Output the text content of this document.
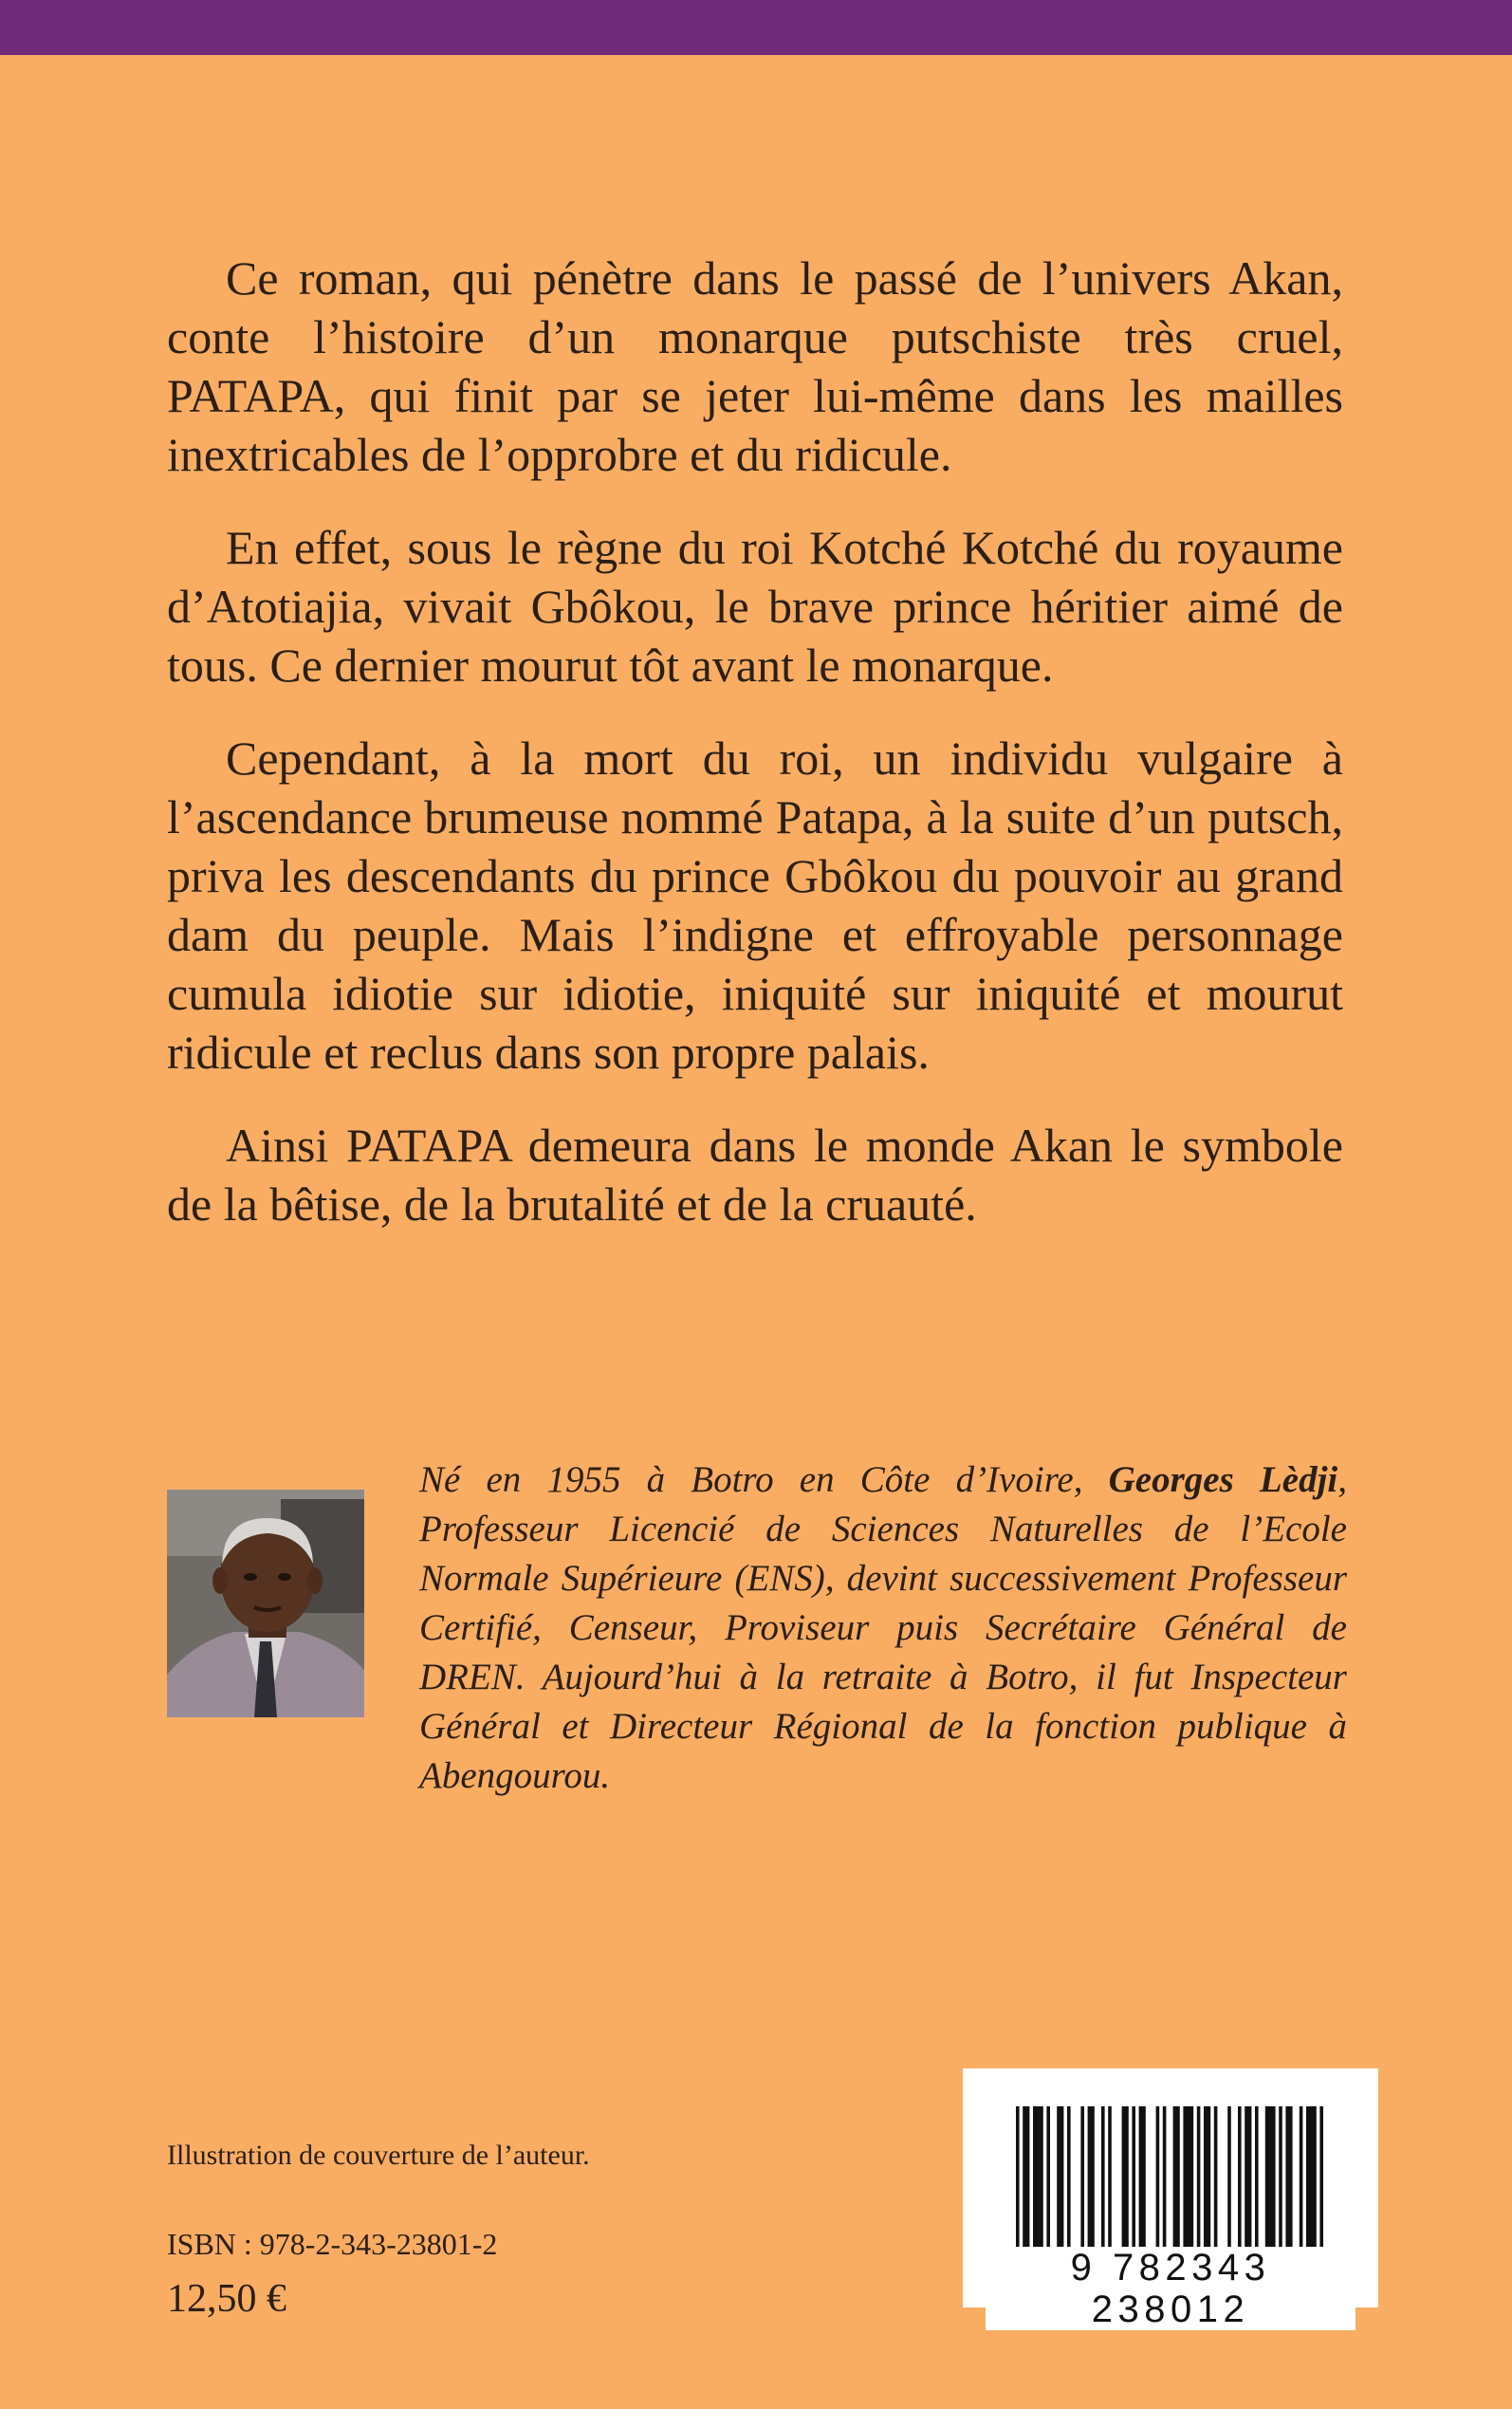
Ce roman, qui pénètre dans le passé de l’univers Akan, conte l’histoire d’un monarque putschiste très cruel, PATAPA, qui finit par se jeter lui-même dans les mailles inextricables de l’opprobre et du ridicule.

En effet, sous le règne du roi Kotché Kotché du royaume d’Atotiajia, vivait Gbôkou, le brave prince héritier aimé de tous. Ce dernier mourut tôt avant le monarque.

Cependant, à la mort du roi, un individu vulgaire à l’ascendance brumeuse nommé Patapa, à la suite d’un putsch, priva les descendants du prince Gbôkou du pouvoir au grand dam du peuple. Mais l’indigne et effroyable personnage cumula idiotie sur idiotie, iniquité sur iniquité et mourut ridicule et reclus dans son propre palais.

Ainsi PATAPA demeura dans le monde Akan le symbole de la bêtise, de la brutalité et de la cruauté.

Né en 1955 à Botro en Côte d’Ivoire, Georges Lèdji, Professeur Licencié de Sciences Naturelles de l’Ecole Normale Supérieure (ENS), devint successivement Professeur Certifié, Censeur, Proviseur puis Secrétaire Général de DREN. Aujourd’hui à la retraite à Botro, il fut Inspecteur Général et Directeur Régional de la fonction publique à Abengourou.
Illustration de couverture de l’auteur.
ISBN : 978-2-343-23801-2
12,50 €
9 782343 238012
